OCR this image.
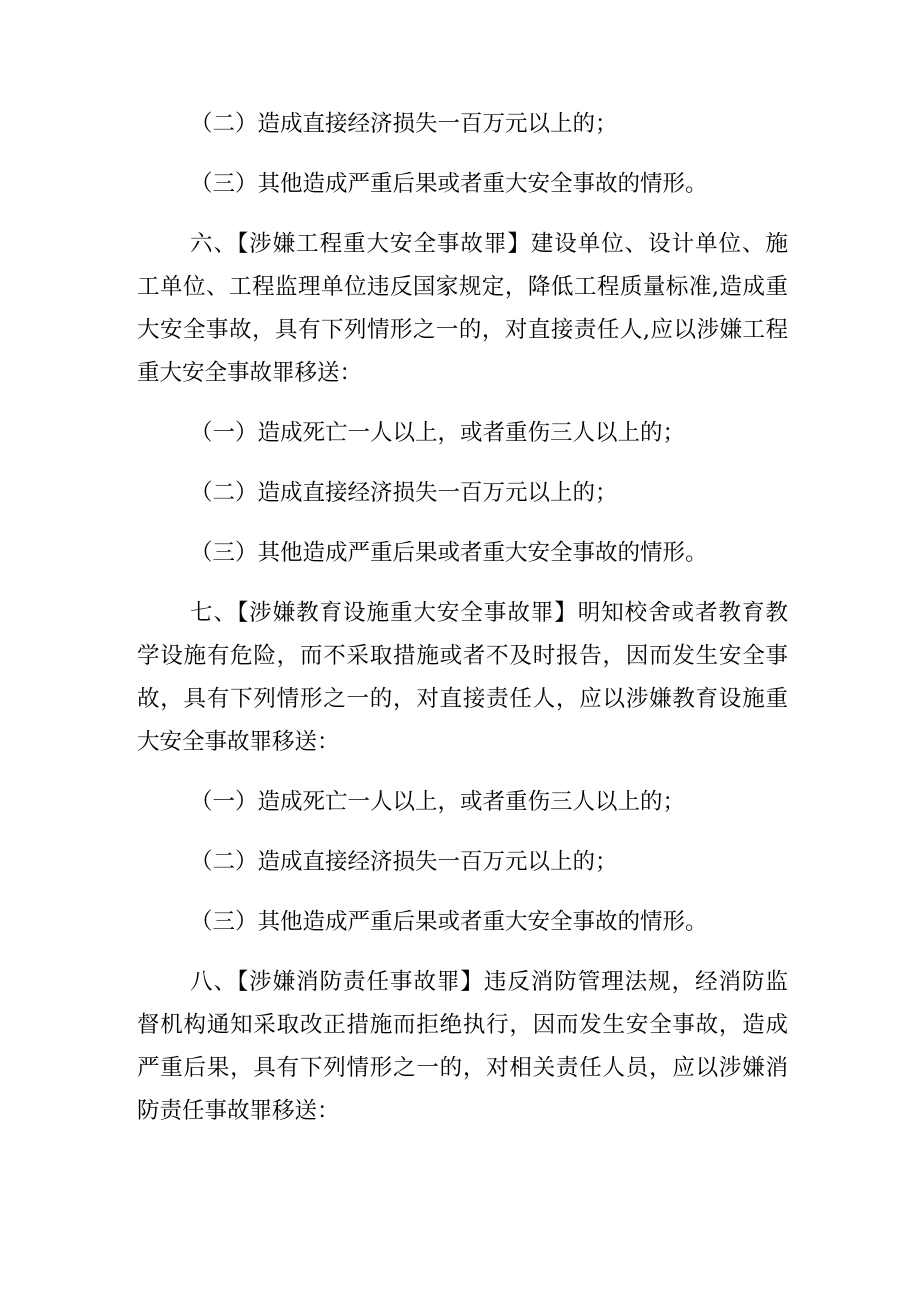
（二）造成直接经济损失一百万元以上的；
（三）其他造成严重后果或者重大安全事故的情形。
六、【涉嫌工程重大安全事故罪】建设单位、设计单位、施
工单位、工程监理单位违反国家规定，降低工程质量标准,造成重
大安全事故，具有下列情形之一的，对直接责任人,应以涉嫌工程
重大安全事故罪移送：
（一）造成死亡一人以上，或者重伤三人以上的；
（二）造成直接经济损失一百万元以上的；
（三）其他造成严重后果或者重大安全事故的情形。
七、【涉嫌教育设施重大安全事故罪】明知校舍或者教育教
学设施有危险，而不采取措施或者不及时报告，因而发生安全事
故，具有下列情形之一的，对直接责任人，应以涉嫌教育设施重
大安全事故罪移送：
（一）造成死亡一人以上，或者重伤三人以上的；
（二）造成直接经济损失一百万元以上的；
（三）其他造成严重后果或者重大安全事故的情形。
八、【涉嫌消防责任事故罪】违反消防管理法规，经消防监
督机构通知采取改正措施而拒绝执行，因而发生安全事故，造成
严重后果，具有下列情形之一的，对相关责任人员，应以涉嫌消
防责任事故罪移送：
